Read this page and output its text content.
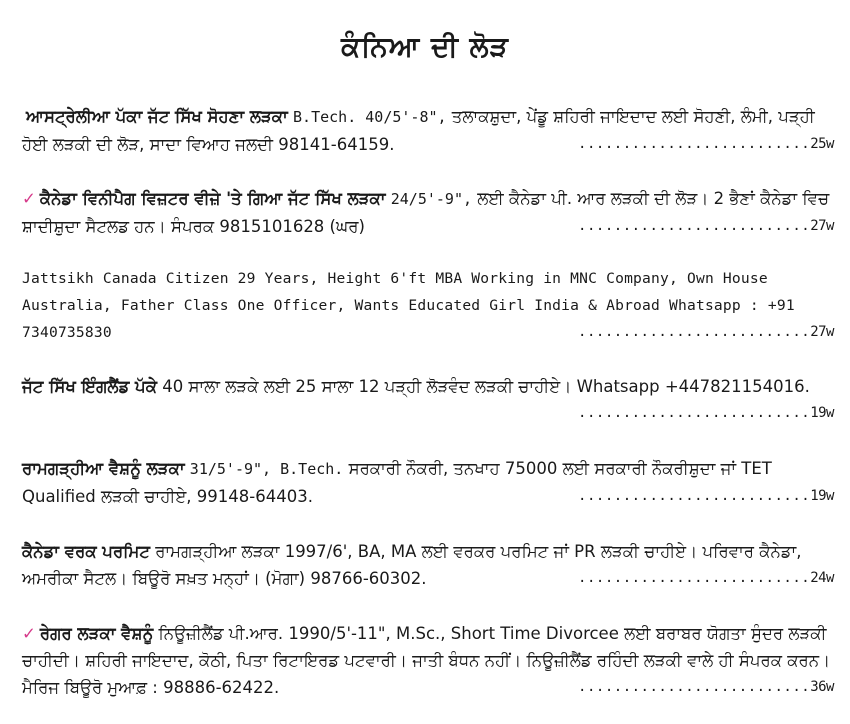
ਕੰਨਿਆ ਦੀ ਲੋੜ

ਆਸਟ੍ਰੇਲੀਆ ਪੱਕਾ ਜੱਟ ਸਿੱਖ ਸੋਹਣਾ ਲੜਕਾ B.Tech. 40/5'-8", ਤਲਾਕਸ਼ੁਦਾ, ਪੇਂਡੂ ਸ਼ਹਿਰੀ ਜਾਇਦਾਦ ਲਈ ਸੋਹਣੀ, ਲੰਮੀ, ਪੜ੍ਹੀ ਹੋਈ ਲੜਕੀ ਦੀ ਲੋੜ, ਸਾਦਾ ਵਿਆਹ ਜਲਦੀ 98141-64159.	..........................25w

✓ ਕੈਨੇਡਾ ਵਿਨੀਪੈਗ ਵਿਜ਼ਟਰ ਵੀਜ਼ੇ 'ਤੇ ਗਿਆ ਜੱਟ ਸਿੱਖ ਲੜਕਾ 24/5'-9", ਲਈ ਕੈਨੇਡਾ ਪੀ. ਆਰ ਲੜਕੀ ਦੀ ਲੋੜ। 2 ਭੈਣਾਂ ਕੈਨੇਡਾ ਵਿਚ ਸ਼ਾਦੀਸ਼ੁਦਾ ਸੈਟਲਡ ਹਨ। ਸੰਪਰਕ 9815101628 (ਘਰ)	..........................27w

Jattsikh Canada Citizen 29 Years, Height 6'ft MBA Working in MNC Company, Own House Australia, Father Class One Officer, Wants Educated Girl India & Abroad Whatsapp : +91 7340735830	..........................27w

ਜੱਟ ਸਿੱਖ ਇੰਗਲੈਂਡ ਪੱਕੇ 40 ਸਾਲਾ ਲੜਕੇ ਲਈ 25 ਸਾਲਾ 12 ਪੜ੍ਹੀ ਲੋੜਵੰਦ ਲੜਕੀ ਚਾਹੀਏ। Whatsapp +447821154016.
..........................19w

ਰਾਮਗੜ੍ਹੀਆ ਵੈਸ਼ਨੂੰ ਲੜਕਾ 31/5'-9", B.Tech. ਸਰਕਾਰੀ ਨੌਕਰੀ, ਤਨਖਾਹ 75000 ਲਈ ਸਰਕਾਰੀ ਨੌਕਰੀਸ਼ੁਦਾ ਜਾਂ TET Qualified ਲੜਕੀ ਚਾਹੀਏ, 99148-64403.	..........................19w

ਕੈਨੇਡਾ ਵਰਕ ਪਰਮਿਟ ਰਾਮਗੜ੍ਹੀਆ ਲੜਕਾ 1997/6', BA, MA ਲਈ ਵਰਕਰ ਪਰਮਿਟ ਜਾਂ PR ਲੜਕੀ ਚਾਹੀਏ। ਪਰਿਵਾਰ ਕੈਨੇਡਾ, ਅਮਰੀਕਾ ਸੈਟਲ। ਬਿਊਰੋ ਸਖ਼ਤ ਮਨ੍ਹਾਂ। (ਮੋਗਾ) 98766-60302.	..........................24w

✓ ਰੇਗਰ ਲੜਕਾ ਵੈਸ਼ਨੂੰ ਨਿਊਜ਼ੀਲੈਂਡ ਪੀ.ਆਰ. 1990/5'-11", M.Sc., Short Time Divorcee ਲਈ ਬਰਾਬਰ ਯੋਗਤਾ ਸੁੰਦਰ ਲੜਕੀ ਚਾਹੀਦੀ। ਸ਼ਹਿਰੀ ਜਾਇਦਾਦ, ਕੋਠੀ, ਪਿਤਾ ਰਿਟਾਇਰਡ ਪਟਵਾਰੀ। ਜਾਤੀ ਬੰਧਨ ਨਹੀਂ। ਨਿਊਜ਼ੀਲੈਂਡ ਰਹਿੰਦੀ ਲੜਕੀ ਵਾਲੇ ਹੀ ਸੰਪਰਕ ਕਰਨ। ਮੈਰਿਜ ਬਿਊਰੋ ਮੁਆਫ਼ : 98886-62422.	..........................36w
